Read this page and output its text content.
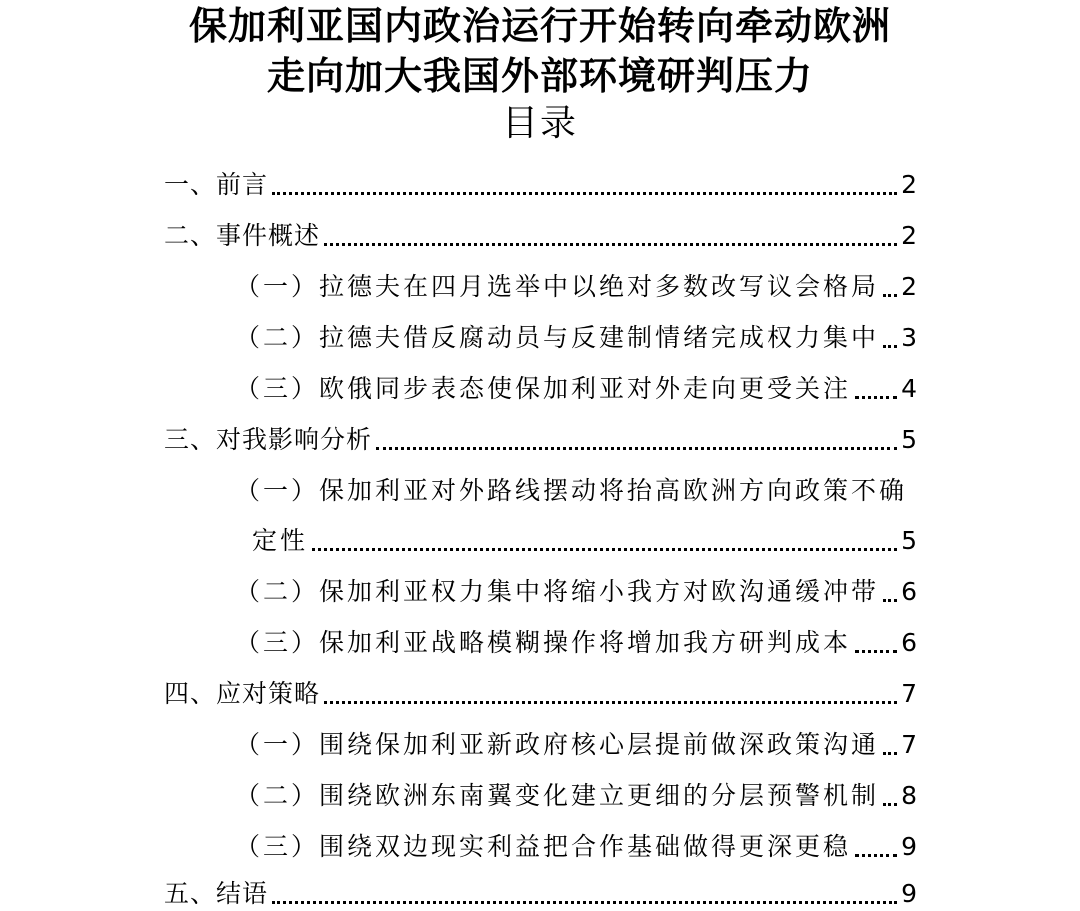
保加利亚国内政治运行开始转向牵动欧洲
走向加大我国外部环境研判压力
目录
一、前言	2
二、事件概述	2
（一）拉德夫在四月选举中以绝对多数改写议会格局 2
（二）拉德夫借反腐动员与反建制情绪完成权力集中 3
（三）欧俄同步表态使保加利亚对外走向更受关注 4
三、对我影响分析	5
（一）保加利亚对外路线摆动将抬高欧洲方向政策不确
定性	5
（二）保加利亚权力集中将缩小我方对欧沟通缓冲带 6
（三）保加利亚战略模糊操作将增加我方研判成本 6
四、应对策略	7
（一）围绕保加利亚新政府核心层提前做深政策沟通 7
（二）围绕欧洲东南翼变化建立更细的分层预警机制 8
（三）围绕双边现实利益把合作基础做得更深更稳 9
五、结语	9
